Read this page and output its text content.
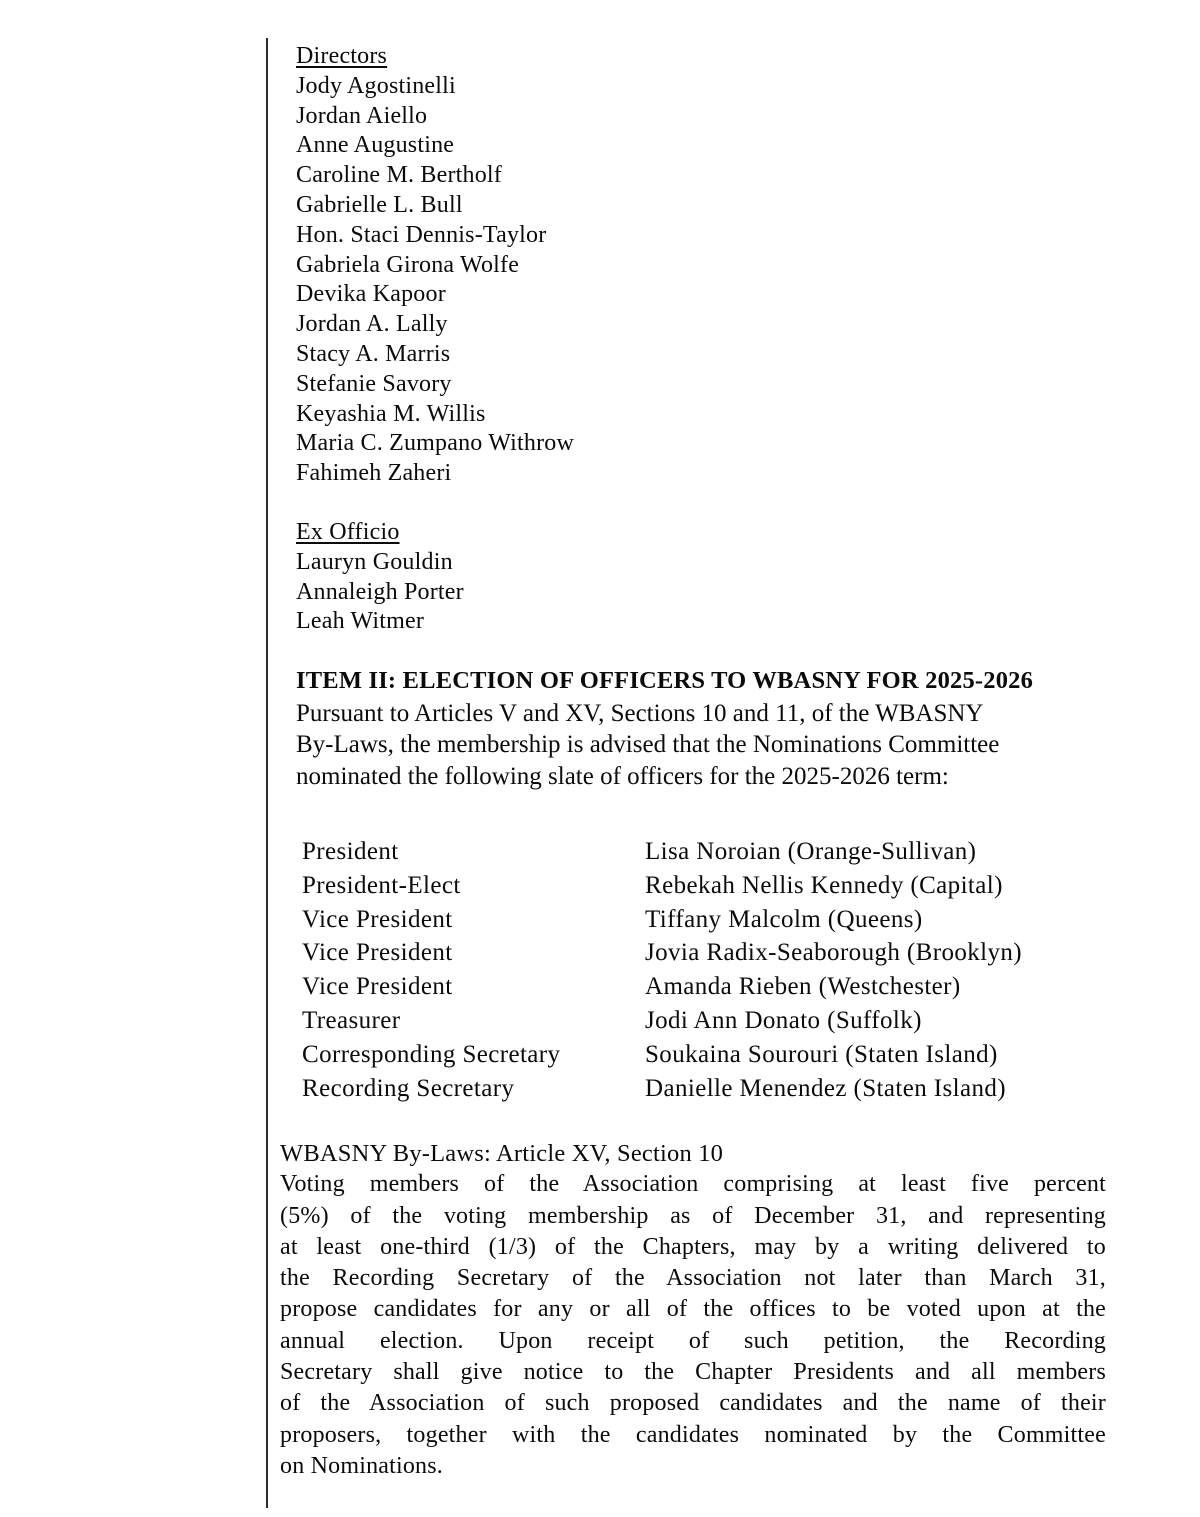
Directors
Jody Agostinelli
Jordan Aiello
Anne Augustine
Caroline M. Bertholf
Gabrielle L. Bull
Hon. Staci Dennis-Taylor
Gabriela Girona Wolfe
Devika Kapoor
Jordan A. Lally
Stacy A. Marris
Stefanie Savory
Keyashia M. Willis
Maria C. Zumpano Withrow
Fahimeh Zaheri
Ex Officio
Lauryn Gouldin
Annaleigh Porter
Leah Witmer
ITEM II: ELECTION OF OFFICERS TO WBASNY FOR 2025-2026
Pursuant to Articles V and XV, Sections 10 and 11, of the WBASNY
By-Laws, the membership is advised that the Nominations Committee
nominated the following slate of officers for the 2025-2026 term:
President	Lisa Noroian (Orange-Sullivan)
President-Elect	Rebekah Nellis Kennedy (Capital)
Vice President	Tiffany Malcolm (Queens)
Vice President	Jovia Radix-Seaborough (Brooklyn)
Vice President	Amanda Rieben (Westchester)
Treasurer	Jodi Ann Donato (Suffolk)
Corresponding Secretary	Soukaina Sourouri (Staten Island)
Recording Secretary	Danielle Menendez (Staten Island)
WBASNY By-Laws: Article XV, Section 10
Voting members of the Association comprising at least five percent
(5%) of the voting membership as of December 31, and representing
at least one-third (1/3) of the Chapters, may by a writing delivered to
the Recording Secretary of the Association not later than March 31,
propose candidates for any or all of the offices to be voted upon at the
annual election. Upon receipt of such petition, the Recording
Secretary shall give notice to the Chapter Presidents and all members
of the Association of such proposed candidates and the name of their
proposers, together with the candidates nominated by the Committee
on Nominations.
